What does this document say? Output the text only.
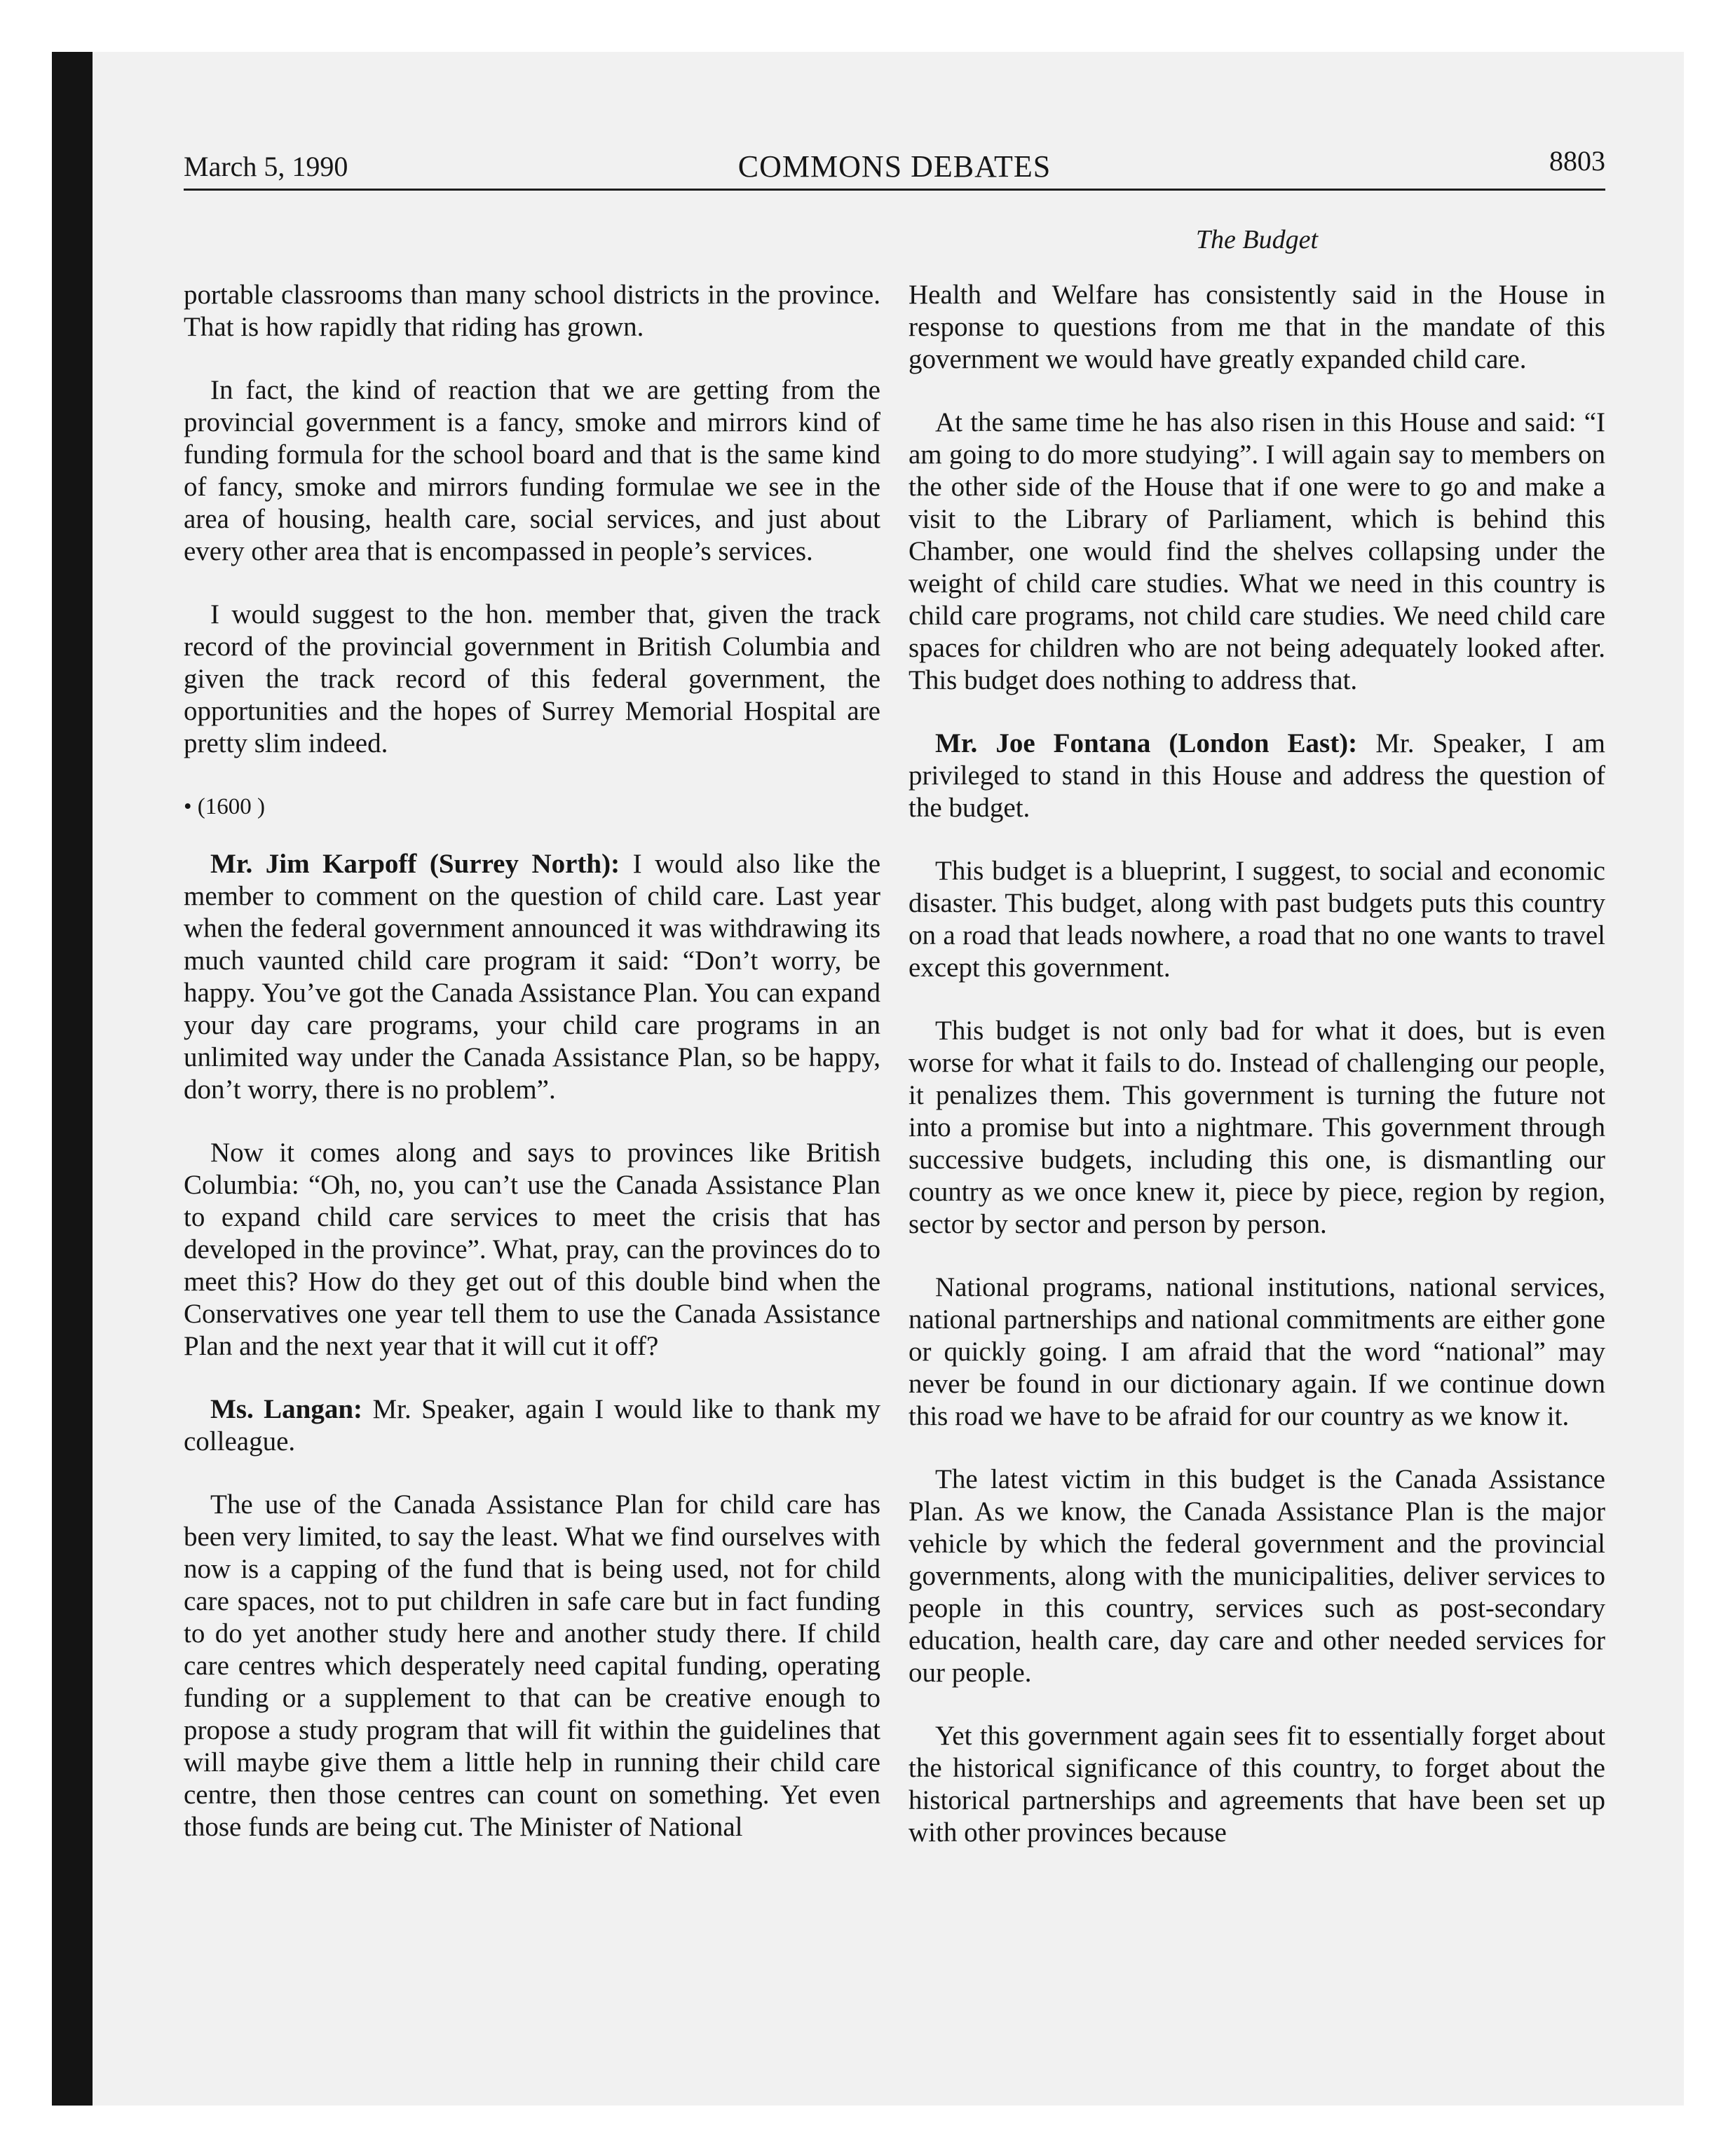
March 5, 1990	COMMONS DEBATES	8803
The Budget

portable classrooms than many school districts in the province. That is how rapidly that riding has grown.

In fact, the kind of reaction that we are getting from the provincial government is a fancy, smoke and mirrors kind of funding formula for the school board and that is the same kind of fancy, smoke and mirrors funding formulae we see in the area of housing, health care, social services, and just about every other area that is encompassed in people’s services.

I would suggest to the hon. member that, given the track record of the provincial government in British Columbia and given the track record of this federal government, the opportunities and the hopes of Surrey Memorial Hospital are pretty slim indeed.

• (1600 )

Mr. Jim Karpoff (Surrey North): I would also like the member to comment on the question of child care. Last year when the federal government announced it was withdrawing its much vaunted child care program it said: “Don’t worry, be happy. You’ve got the Canada Assistance Plan. You can expand your day care programs, your child care programs in an unlimited way under the Canada Assistance Plan, so be happy, don’t worry, there is no problem”.

Now it comes along and says to provinces like British Columbia: “Oh, no, you can’t use the Canada Assistance Plan to expand child care services to meet the crisis that has developed in the province”. What, pray, can the provinces do to meet this? How do they get out of this double bind when the Conservatives one year tell them to use the Canada Assistance Plan and the next year that it will cut it off?

Ms. Langan: Mr. Speaker, again I would like to thank my colleague.

The use of the Canada Assistance Plan for child care has been very limited, to say the least. What we find ourselves with now is a capping of the fund that is being used, not for child care spaces, not to put children in safe care but in fact funding to do yet another study here and another study there. If child care centres which desperately need capital funding, operating funding or a supplement to that can be creative enough to propose a study program that will fit within the guidelines that will maybe give them a little help in running their child care centre, then those centres can count on something. Yet even those funds are being cut. The Minister of National

Health and Welfare has consistently said in the House in response to questions from me that in the mandate of this government we would have greatly expanded child care.

At the same time he has also risen in this House and said: “I am going to do more studying”. I will again say to members on the other side of the House that if one were to go and make a visit to the Library of Parliament, which is behind this Chamber, one would find the shelves collapsing under the weight of child care studies. What we need in this country is child care programs, not child care studies. We need child care spaces for children who are not being adequately looked after. This budget does nothing to address that.

Mr. Joe Fontana (London East): Mr. Speaker, I am privileged to stand in this House and address the question of the budget.

This budget is a blueprint, I suggest, to social and economic disaster. This budget, along with past budgets puts this country on a road that leads nowhere, a road that no one wants to travel except this government.

This budget is not only bad for what it does, but is even worse for what it fails to do. Instead of challenging our people, it penalizes them. This government is turning the future not into a promise but into a nightmare. This government through successive budgets, including this one, is dismantling our country as we once knew it, piece by piece, region by region, sector by sector and person by person.

National programs, national institutions, national services, national partnerships and national commitments are either gone or quickly going. I am afraid that the word “national” may never be found in our dictionary again. If we continue down this road we have to be afraid for our country as we know it.

The latest victim in this budget is the Canada Assistance Plan. As we know, the Canada Assistance Plan is the major vehicle by which the federal government and the provincial governments, along with the municipalities, deliver services to people in this country, services such as post-secondary education, health care, day care and other needed services for our people.

Yet this government again sees fit to essentially forget about the historical significance of this country, to forget about the historical partnerships and agreements that have been set up with other provinces because
